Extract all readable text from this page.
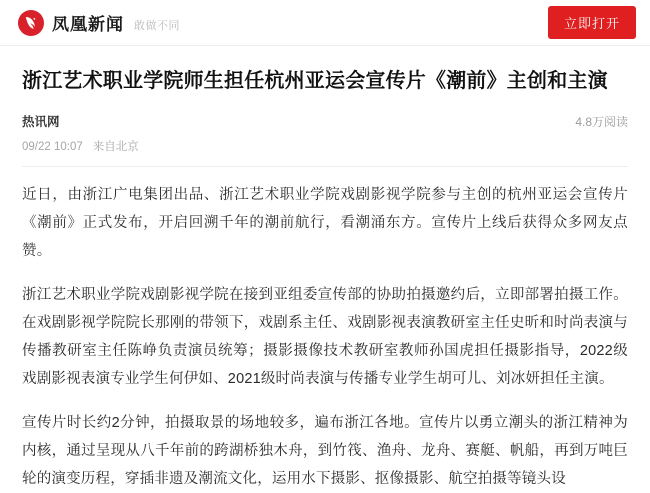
凤凰新闻 敢做不同	立即打开
浙江艺术职业学院师生担任杭州亚运会宣传片《潮前》主创和主演
热讯网	4.8万阅读
09/22 10:07 来自北京

近日，由浙江广电集团出品、浙江艺术职业学院戏剧影视学院参与主创的杭州亚运会宣传片《潮前》正式发布，开启回溯千年的潮前航行，看潮涌东方。宣传片上线后获得众多网友点赞。

浙江艺术职业学院戏剧影视学院在接到亚组委宣传部的协助拍摄邀约后，立即部署拍摄工作。在戏剧影视学院院长那刚的带领下，戏剧系主任、戏剧影视表演教研室主任史昕和时尚表演与传播教研室主任陈峥负责演员统筹；摄影摄像技术教研室教师孙国虎担任摄影指导，2022级戏剧影视表演专业学生何伊如、2021级时尚表演与传播专业学生胡可儿、刘冰妍担任主演。

宣传片时长约2分钟，拍摄取景的场地较多，遍布浙江各地。宣传片以勇立潮头的浙江精神为内核，通过呈现从八千年前的跨湖桥独木舟，到竹筏、渔舟、龙舟、赛艇、帆船，再到万吨巨轮的演变历程，穿插非遗及潮流文化，运用水下摄影、抠像摄影、航空拍摄等镜头设
